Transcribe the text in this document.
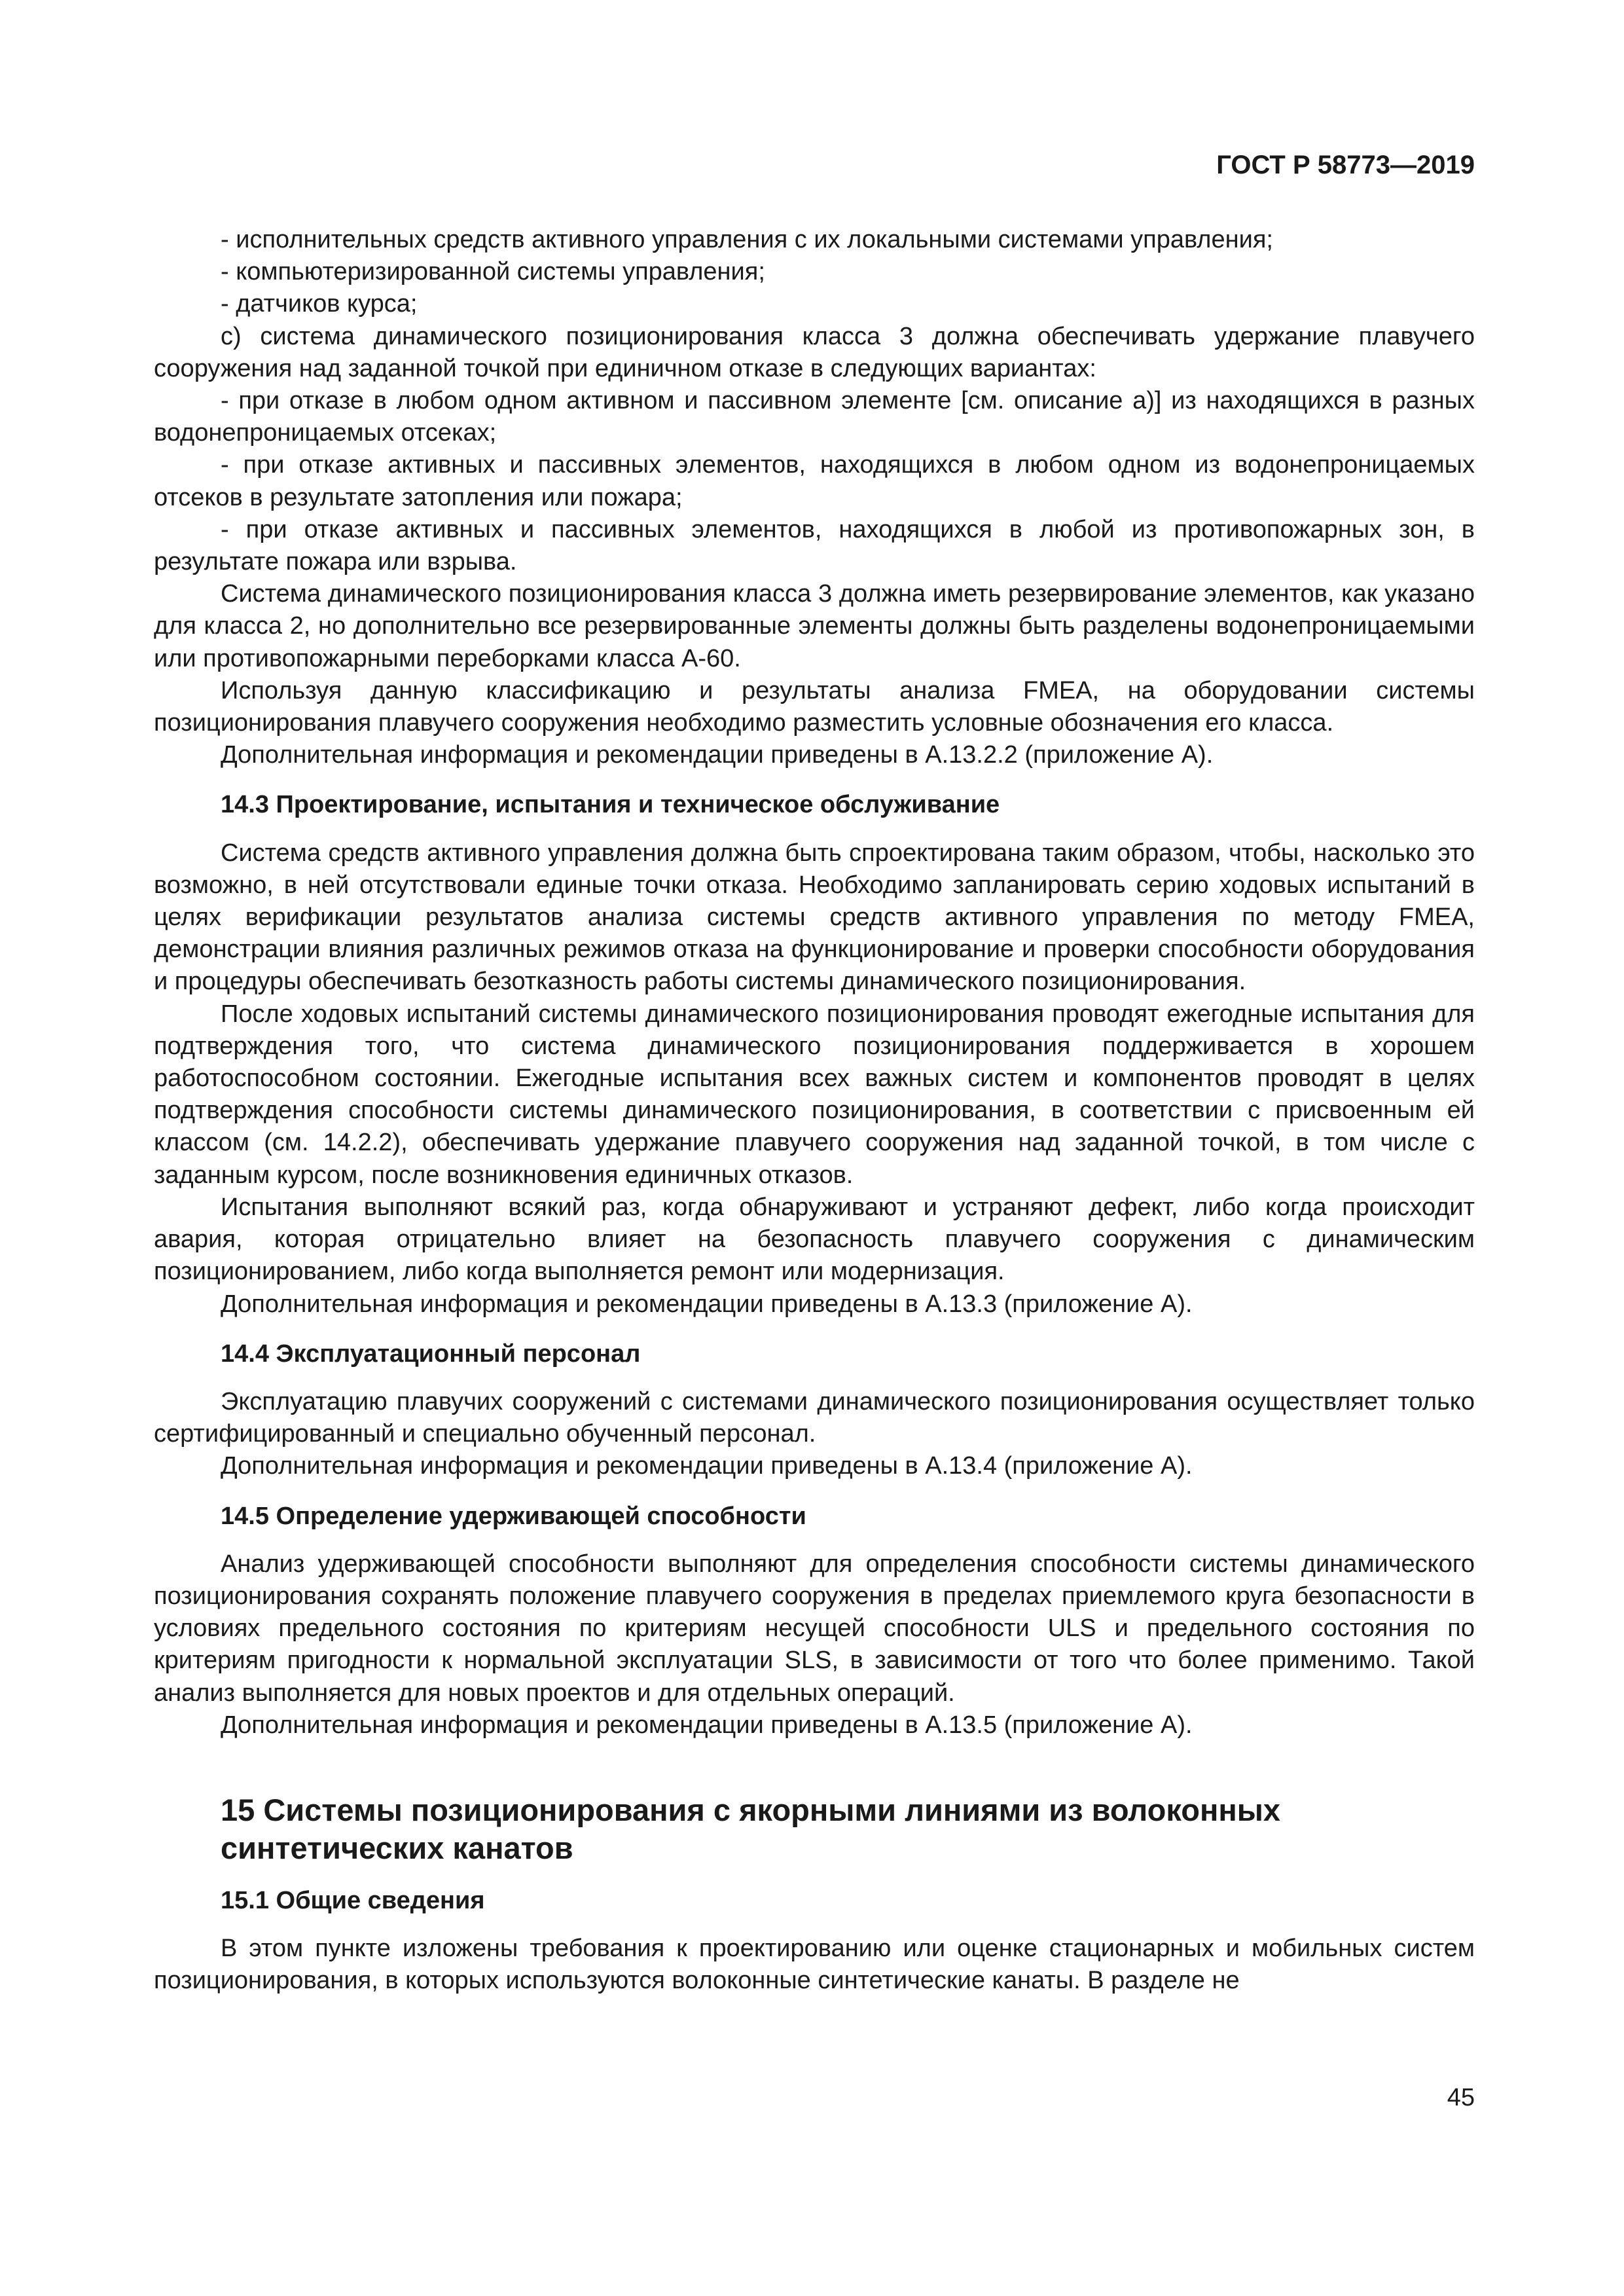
ГОСТ Р 58773—2019

- исполнительных средств активного управления с их локальными системами управления;

- компьютеризированной системы управления;

- датчиков курса;

с) система динамического позиционирования класса 3 должна обеспечивать удержание плавучего сооружения над заданной точкой при единичном отказе в следующих вариантах:

- при отказе в любом одном активном и пассивном элементе [см. описание а)] из находящихся в разных водонепроницаемых отсеках;

- при отказе активных и пассивных элементов, находящихся в любом одном из водонепроницаемых отсеков в результате затопления или пожара;

- при отказе активных и пассивных элементов, находящихся в любой из противопожарных зон, в результате пожара или взрыва.

Система динамического позиционирования класса 3 должна иметь резервирование элементов, как указано для класса 2, но дополнительно все резервированные элементы должны быть разделены водонепроницаемыми или противопожарными переборками класса А-60.

Используя данную классификацию и результаты анализа FMEA, на оборудовании системы позиционирования плавучего сооружения необходимо разместить условные обозначения его класса.

Дополнительная информация и рекомендации приведены в А.13.2.2 (приложение А).

14.3 Проектирование, испытания и техническое обслуживание

Система средств активного управления должна быть спроектирована таким образом, чтобы, насколько это возможно, в ней отсутствовали единые точки отказа. Необходимо запланировать серию ходовых испытаний в целях верификации результатов анализа системы средств активного управления по методу FMEA, демонстрации влияния различных режимов отказа на функционирование и проверки способности оборудования и процедуры обеспечивать безотказность работы системы динамического позиционирования.

После ходовых испытаний системы динамического позиционирования проводят ежегодные испытания для подтверждения того, что система динамического позиционирования поддерживается в хорошем работоспособном состоянии. Ежегодные испытания всех важных систем и компонентов проводят в целях подтверждения способности системы динамического позиционирования, в соответствии с присвоенным ей классом (см. 14.2.2), обеспечивать удержание плавучего сооружения над заданной точкой, в том числе с заданным курсом, после возникновения единичных отказов.

Испытания выполняют всякий раз, когда обнаруживают и устраняют дефект, либо когда происходит авария, которая отрицательно влияет на безопасность плавучего сооружения с динамическим позиционированием, либо когда выполняется ремонт или модернизация.

Дополнительная информация и рекомендации приведены в А.13.3 (приложение А).

14.4 Эксплуатационный персонал

Эксплуатацию плавучих сооружений с системами динамического позиционирования осуществляет только сертифицированный и специально обученный персонал.

Дополнительная информация и рекомендации приведены в А.13.4 (приложение А).

14.5 Определение удерживающей способности

Анализ удерживающей способности выполняют для определения способности системы динамического позиционирования сохранять положение плавучего сооружения в пределах приемлемого круга безопасности в условиях предельного состояния по критериям несущей способности ULS и предельного состояния по критериям пригодности к нормальной эксплуатации SLS, в зависимости от того что более применимо. Такой анализ выполняется для новых проектов и для отдельных операций.

Дополнительная информация и рекомендации приведены в А.13.5 (приложение А).

15 Системы позиционирования с якорными линиями из волоконных синтетических канатов
15.1 Общие сведения

В этом пункте изложены требования к проектированию или оценке стационарных и мобильных систем позиционирования, в которых используются волоконные синтетические канаты. В разделе не

45
